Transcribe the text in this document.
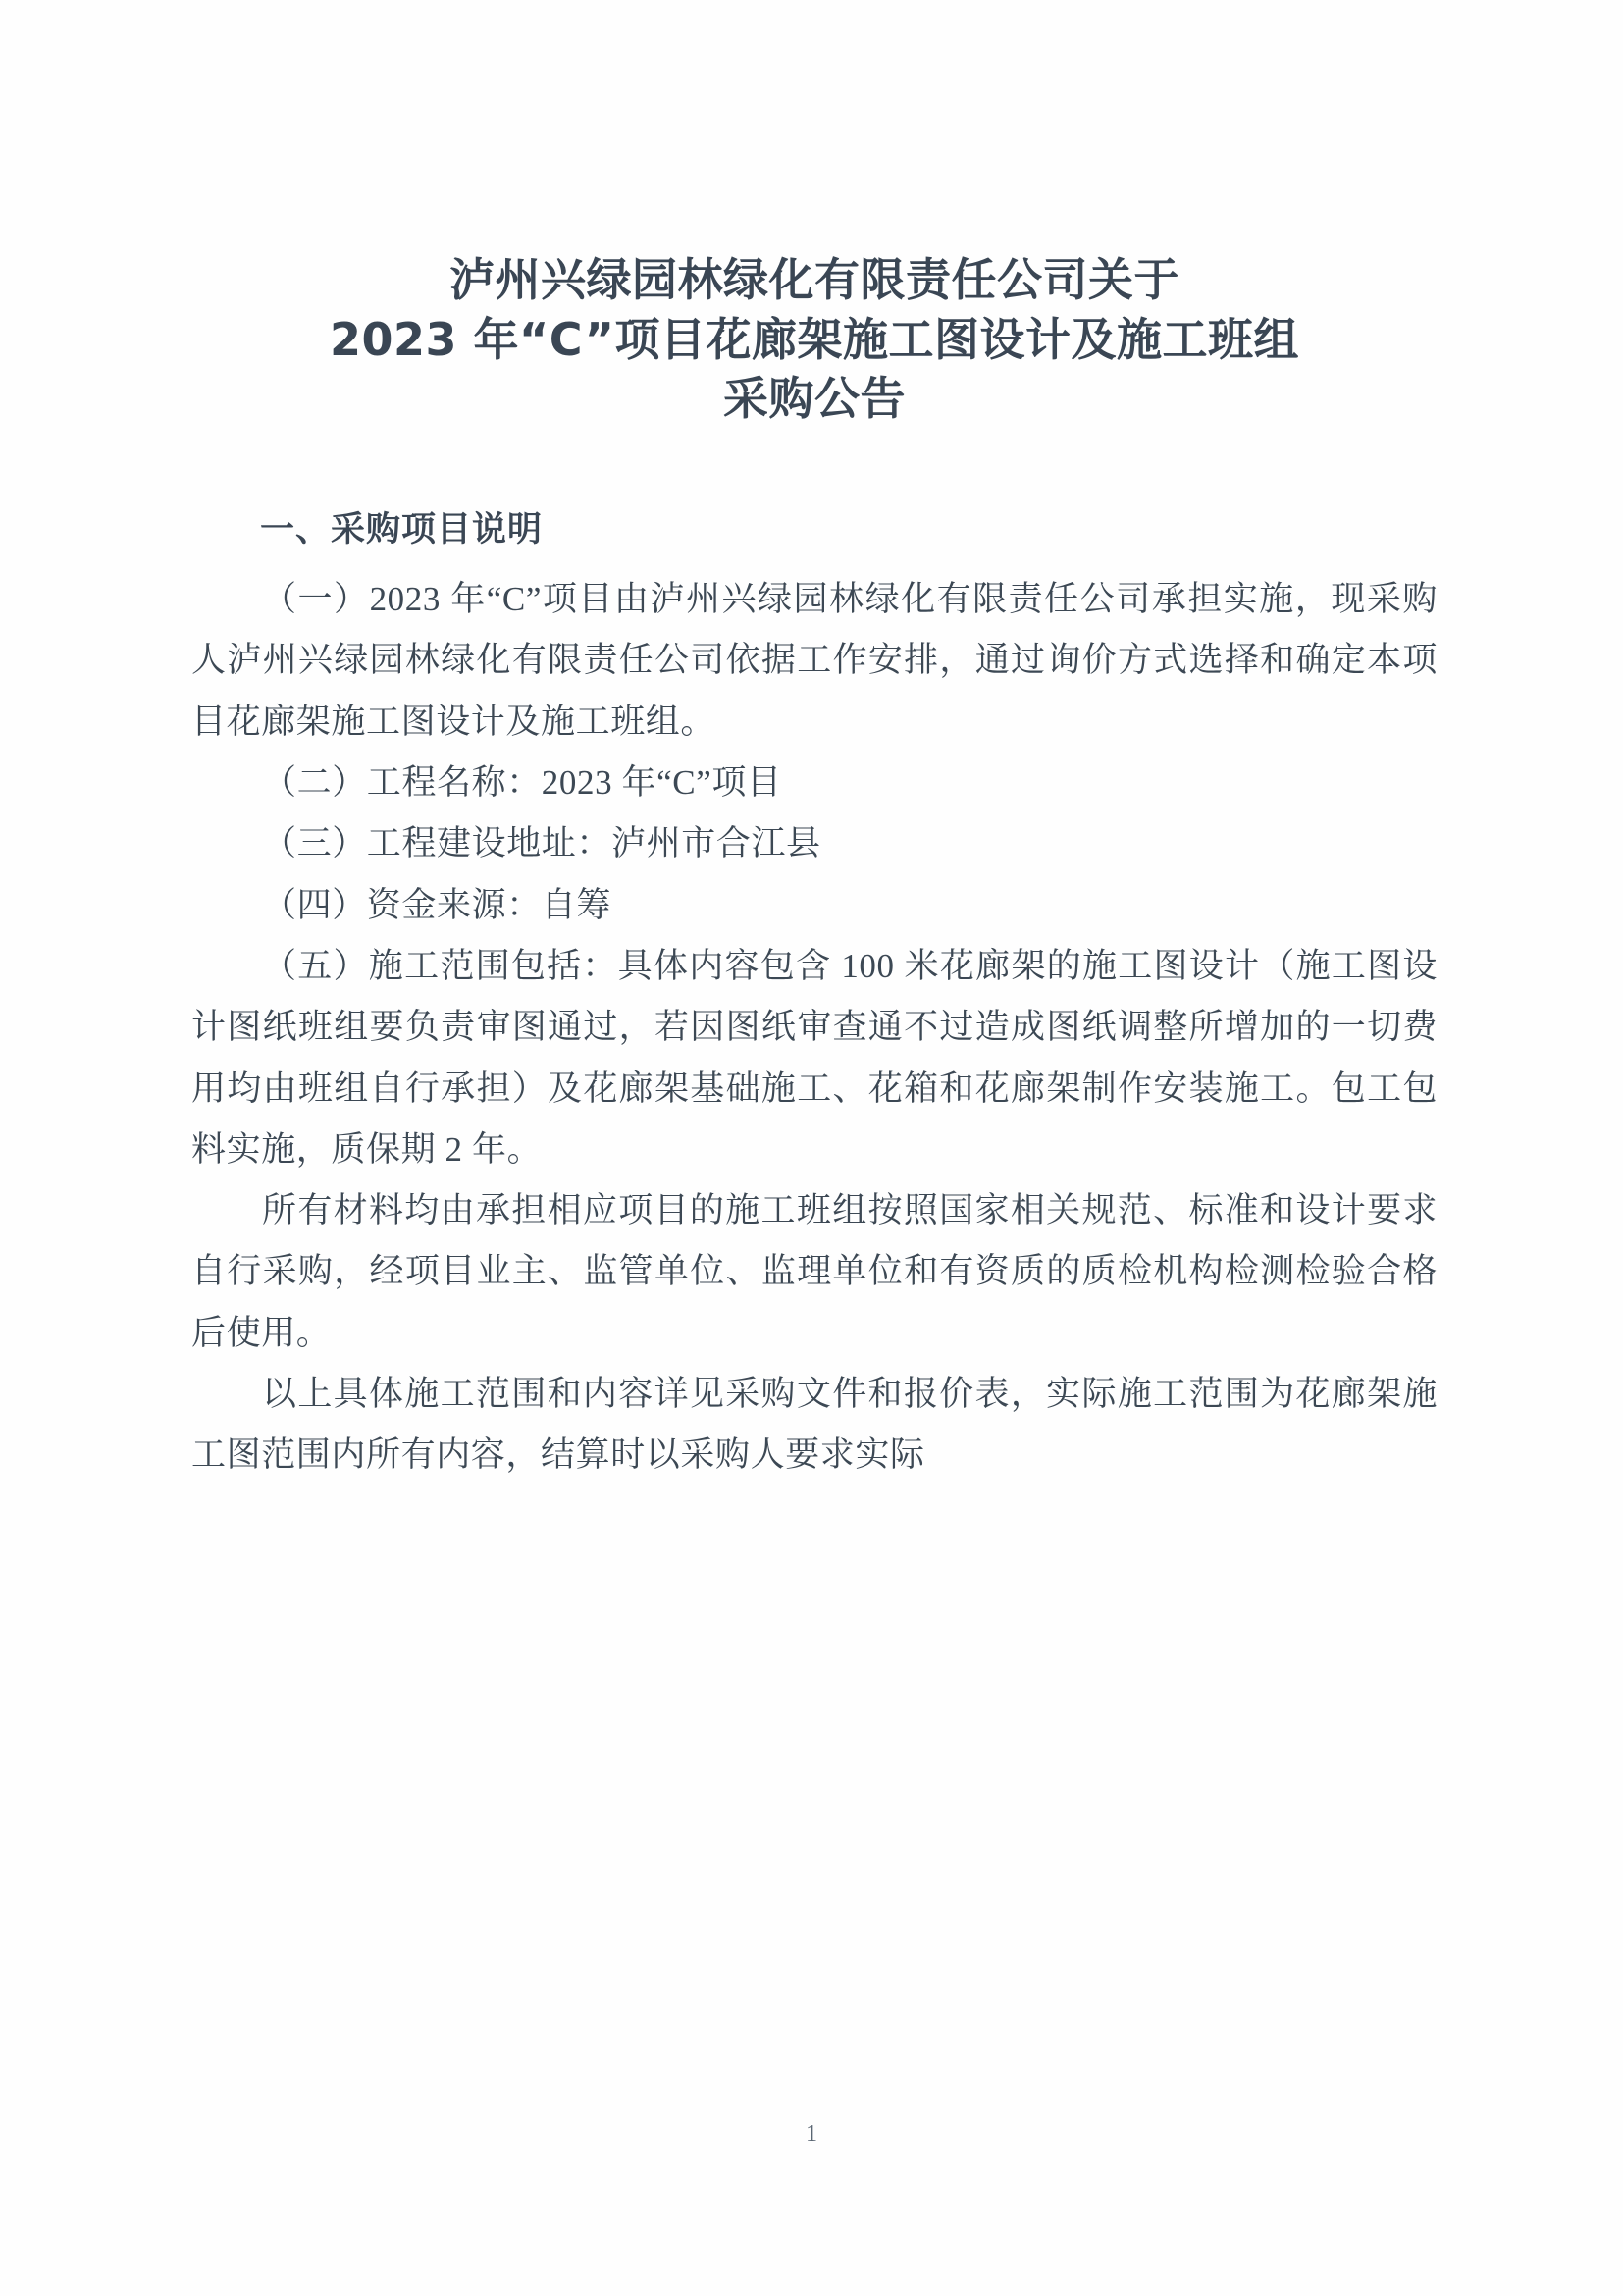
泸州兴绿园林绿化有限责任公司关于
2023 年“C”项目花廊架施工图设计及施工班组
采购公告
一、采购项目说明

（一）2023 年“C”项目由泸州兴绿园林绿化有限责任公司承担实施，现采购人泸州兴绿园林绿化有限责任公司依据工作安排，通过询价方式选择和确定本项目花廊架施工图设计及施工班组。

（二）工程名称：2023 年“C”项目

（三）工程建设地址：泸州市合江县

（四）资金来源：自筹

（五）施工范围包括：具体内容包含 100 米花廊架的施工图设计（施工图设计图纸班组要负责审图通过，若因图纸审查通不过造成图纸调整所增加的一切费用均由班组自行承担）及花廊架基础施工、花箱和花廊架制作安装施工。包工包料实施，质保期 2 年。

所有材料均由承担相应项目的施工班组按照国家相关规范、标准和设计要求自行采购，经项目业主、监管单位、监理单位和有资质的质检机构检测检验合格后使用。

以上具体施工范围和内容详见采购文件和报价表，实际施工范围为花廊架施工图范围内所有内容，结算时以采购人要求实际

1
